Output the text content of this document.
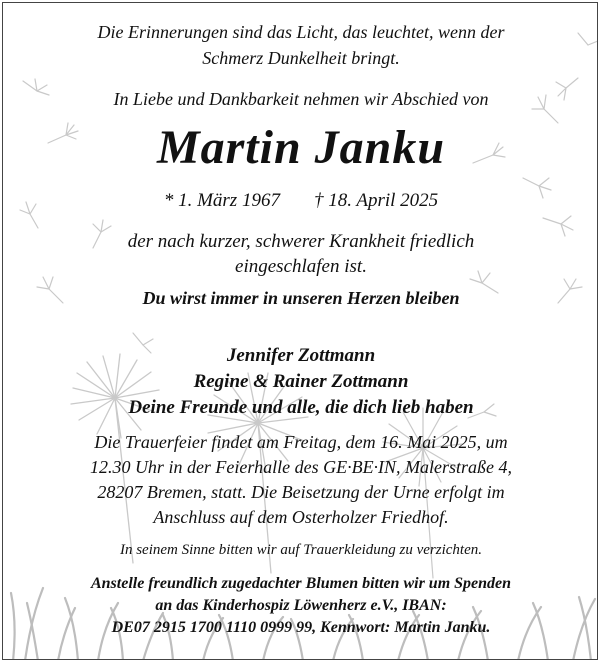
Die Erinnerungen sind das Licht, das leuchtet, wenn der
Schmerz Dunkelheit bringt.
In Liebe und Dankbarkeit nehmen wir Abschied von
Martin Janku
* 1. März 1967 † 18. April 2025
der nach kurzer, schwerer Krankheit friedlich
eingeschlafen ist.
Du wirst immer in unseren Herzen bleiben
Jennifer Zottmann
Regine & Rainer Zottmann
Deine Freunde und alle, die dich lieb haben
Die Trauerfeier findet am Freitag, dem 16. Mai 2025, um
12.30 Uhr in der Feierhalle des GE·BE·IN, Malerstraße 4,
28207 Bremen, statt. Die Beisetzung der Urne erfolgt im
Anschluss auf dem Osterholzer Friedhof.
In seinem Sinne bitten wir auf Trauerkleidung zu verzichten.
Anstelle freundlich zugedachter Blumen bitten wir um Spenden
an das Kinderhospiz Löwenherz e.V., IBAN:
DE07 2915 1700 1110 0999 99, Kennwort: Martin Janku.
